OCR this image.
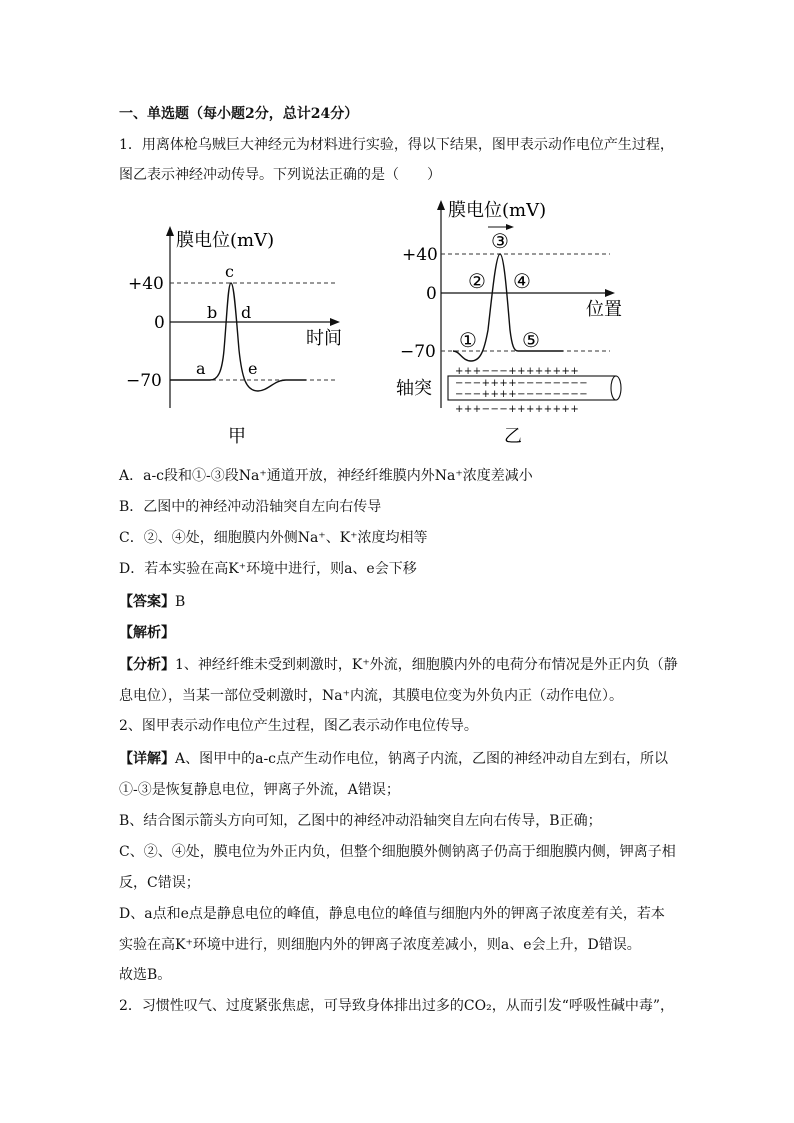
一、单选题（每小题2分，总计24分）
1．用离体枪乌贼巨大神经元为材料进行实验，得以下结果，图甲表示动作电位产生过程，
图乙表示神经冲动传导。下列说法正确的是（　　）
膜电位(mV)
时间
+40
0
−70
a
b
c
d
e
甲
膜电位(mV)
位置
+40
0
−70
③
② ④
① ⑤
轴突
+++−−−++++++++
−−−++++−−−−−−−−
−−−++++−−−−−−−−
+++−−−++++++++
乙
A．a-c段和①-③段Na⁺通道开放，神经纤维膜内外Na⁺浓度差减小
B．乙图中的神经冲动沿轴突自左向右传导
C．②、④处，细胞膜内外侧Na⁺、K⁺浓度均相等
D．若本实验在高K⁺环境中进行，则a、e会下移
【答案】B
【解析】
【分析】1、神经纤维未受到刺激时，K⁺外流，细胞膜内外的电荷分布情况是外正内负（静
息电位），当某一部位受刺激时，Na⁺内流，其膜电位变为外负内正（动作电位）。
2、图甲表示动作电位产生过程，图乙表示动作电位传导。
【详解】A、图甲中的a-c点产生动作电位，钠离子内流，乙图的神经冲动自左到右，所以
①-③是恢复静息电位，钾离子外流，A错误；
B、结合图示箭头方向可知，乙图中的神经冲动沿轴突自左向右传导，B正确；
C、②、④处，膜电位为外正内负，但整个细胞膜外侧钠离子仍高于细胞膜内侧，钾离子相
反，C错误；
D、a点和e点是静息电位的峰值，静息电位的峰值与细胞内外的钾离子浓度差有关，若本
实验在高K⁺环境中进行，则细胞内外的钾离子浓度差减小，则a、e会上升，D错误。
故选B。
2．习惯性叹气、过度紧张焦虑，可导致身体排出过多的CO₂，从而引发“呼吸性碱中毒”，
